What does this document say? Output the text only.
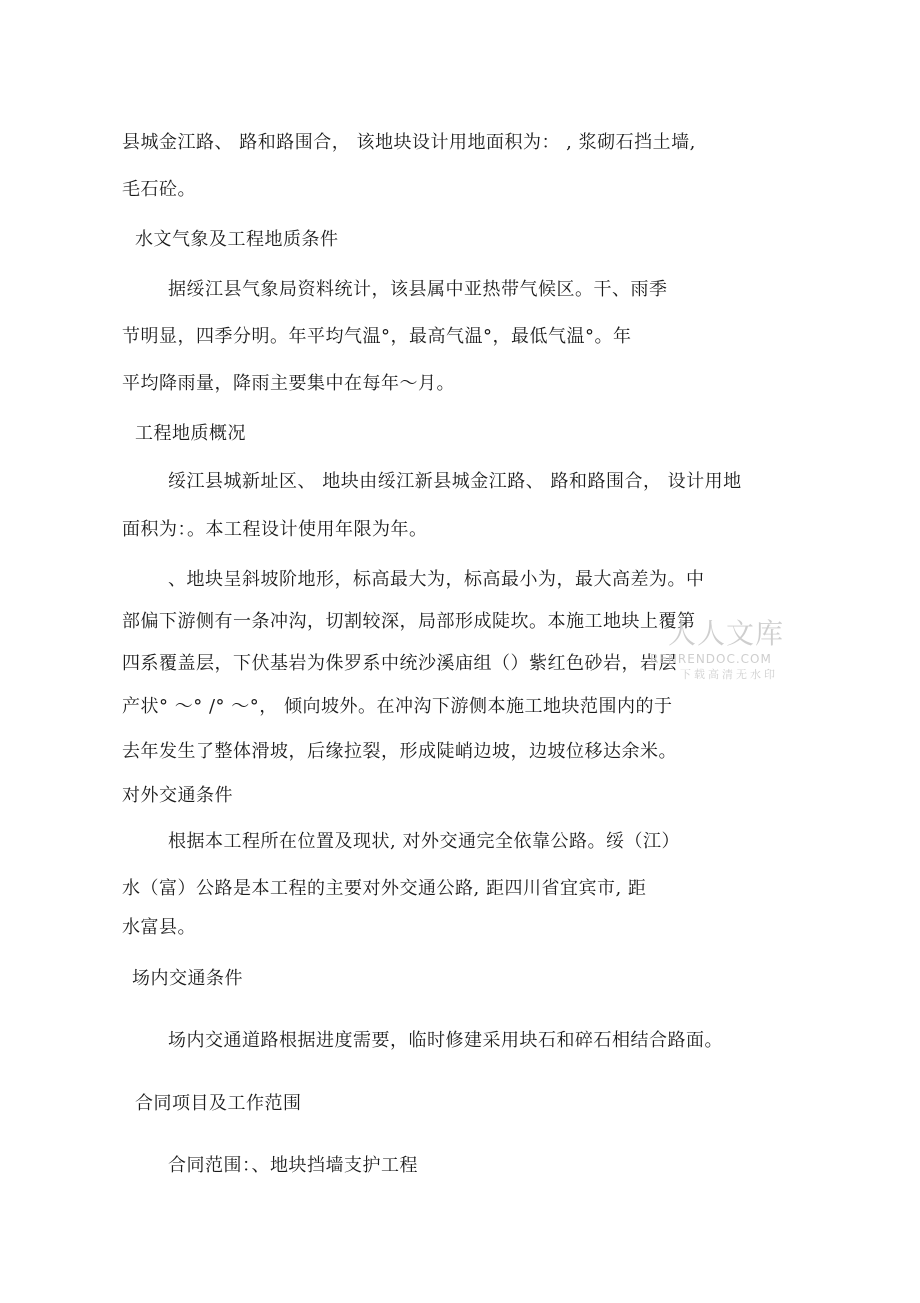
县城金江路、 路和路围合， 该地块设计用地面积为： , 浆砌石挡土墙,
毛石砼。
水文气象及工程地质条件
据绥江县气象局资料统计，该县属中亚热带气候区。干、雨季
节明显，四季分明。年平均气温°，最高气温°，最低气温°。年
平均降雨量，降雨主要集中在每年～月。
工程地质概况
绥江县城新址区、 地块由绥江新县城金江路、 路和路围合， 设计用地
面积为：。本工程设计使用年限为年。
、地块呈斜坡阶地形，标高最大为，标高最小为，最大高差为。中
部偏下游侧有一条冲沟，切割较深，局部形成陡坎。本施工地块上覆第
四系覆盖层，下伏基岩为侏罗系中统沙溪庙组（）紫红色砂岩，岩层
产状° ～° /° ～°， 倾向坡外。在冲沟下游侧本施工地块范围内的于
去年发生了整体滑坡，后缘拉裂，形成陡峭边坡，边坡位移达余米。
对外交通条件
根据本工程所在位置及现状, 对外交通完全依靠公路。绥（江）
水（富）公路是本工程的主要对外交通公路, 距四川省宜宾市, 距
水富县。
场内交通条件
场内交通道路根据进度需要，临时修建采用块石和碎石相结合路面。
合同项目及工作范围
合同范围：、地块挡墙支护工程
人人文库
RENRENDOC.COM
下载高清无水印
